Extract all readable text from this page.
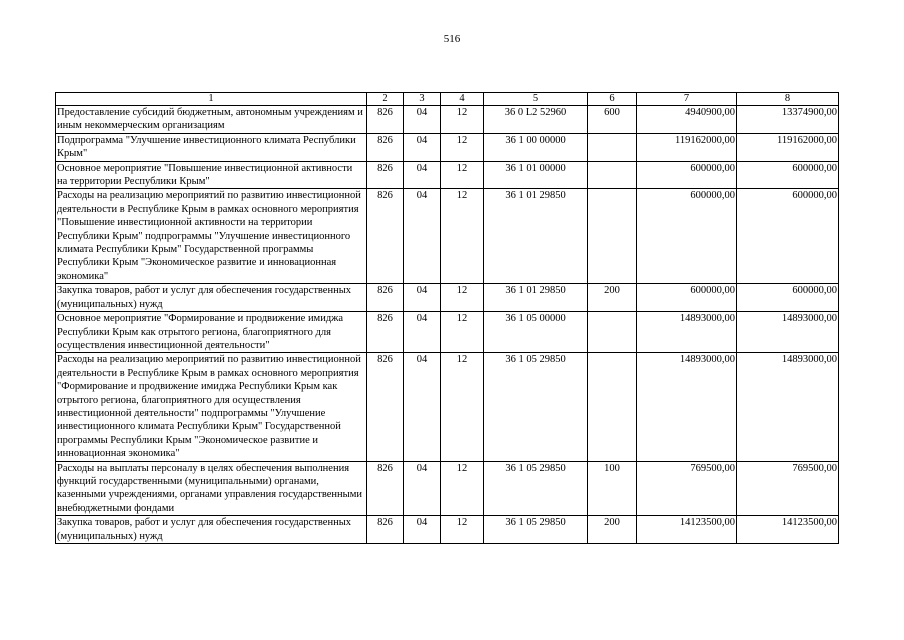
516
1	2	3	4	5	6	7	8
Предоставление субсидий бюджетным, автономным учреждениям и иным некоммерческим организациям	826	04	12	36 0 L2 52960	600	4940900,00	13374900,00
Подпрограмма "Улучшение инвестиционного климата Республики Крым"	826	04	12	36 1 00 00000		119162000,00	119162000,00
Основное мероприятие "Повышение инвестиционной активности на территории Республики Крым"	826	04	12	36 1 01 00000		600000,00	600000,00
Расходы на реализацию мероприятий по развитию инвестиционной деятельности в Республике Крым в рамках основного мероприятия "Повышение инвестиционной активности на территории Республики Крым" подпрограммы "Улучшение инвестиционного климата Республики Крым" Государственной программы Республики Крым "Экономическое развитие и инновационная экономика"	826	04	12	36 1 01 29850		600000,00	600000,00
Закупка товаров, работ и услуг для обеспечения государственных (муниципальных) нужд	826	04	12	36 1 01 29850	200	600000,00	600000,00
Основное мероприятие "Формирование и продвижение имиджа Республики Крым как отрытого региона, благоприятного для осуществления инвестиционной деятельности"	826	04	12	36 1 05 00000		14893000,00	14893000,00
Расходы на реализацию мероприятий по развитию инвестиционной деятельности в Республике Крым в рамках основного мероприятия "Формирование и продвижение имиджа Республики Крым как отрытого региона, благоприятного для осуществления инвестиционной деятельности" подпрограммы "Улучшение инвестиционного климата Республики Крым" Государственной программы Республики Крым "Экономическое развитие и инновационная экономика"	826	04	12	36 1 05 29850		14893000,00	14893000,00
Расходы на выплаты персоналу в целях обеспечения выполнения функций государственными (муниципальными) органами, казенными учреждениями, органами управления государственными внебюджетными фондами	826	04	12	36 1 05 29850	100	769500,00	769500,00
Закупка товаров, работ и услуг для обеспечения государственных (муниципальных) нужд	826	04	12	36 1 05 29850	200	14123500,00	14123500,00
